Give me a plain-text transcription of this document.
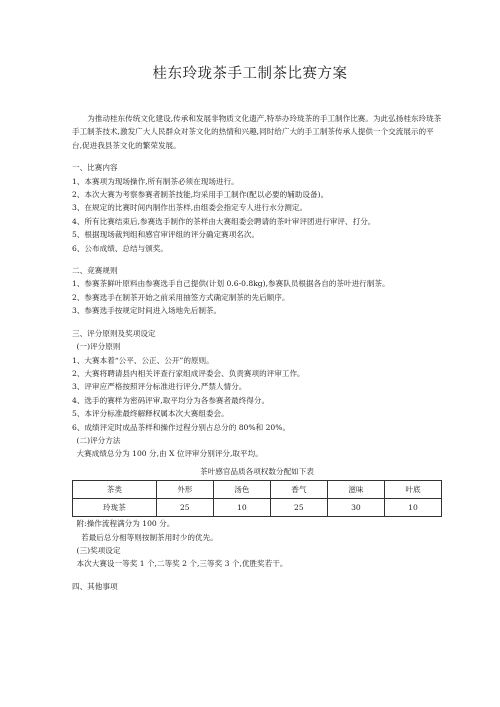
桂东玲珑茶手工制茶比赛方案

为推动桂东传统文化建设,传承和发展非物质文化遗产,特举办玲珑茶的手工制作比赛。为此弘扬桂东玲珑茶手工制茶技术,激发广大人民群众对茶文化的热情和兴趣,同时给广大的手工制茶传承人提供一个交流展示的平台,促进我县茶文化的繁荣发展。

一、比赛内容

1、本赛项为现场操作,所有制茶必须在现场进行。

2、本次大赛为考察参赛者制茶技能,均采用手工制作(配以必要的辅助设备)。

3、在规定的比赛时间内制作出茶样,由组委会指定专人进行水分测定。

4、所有比赛结束后,参赛选手制作的茶样由大赛组委会聘请的茶叶审评团进行审评、打分。

5、根据现场裁判组和感官审评组的评分确定赛项名次。

6、公布成绩、总结与颁奖。

二、竞赛规则

1、参赛茶鲜叶原料由参赛选手自己提供(计划 0.6-0.8kg),参赛队员根据各自的茶叶进行制茶。

2、参赛选手在制茶开始之前采用抽签方式确定制茶的先后顺序。

3、参赛选手按规定时间进入场地先后制茶。

三、评分原则及奖项设定

(一)评分原则

1、大赛本着“公平、公正、公开”的原则。

2、大赛将聘请县内相关评查行家组成评委会、负责赛项的评审工作。

3、评审应严格按照评分标准进行评分,严禁人情分。

4、选手的赛样为密码评审,取平均分为各参赛者最终得分。

5、本评分标准最终解释权属本次大赛组委会。

6、成绩评定时成品茶样和操作过程分别占总分的 80%和 20%。

(二)评分方法

大赛成绩总分为 100 分,由 X 位评审分别评分,取平均。

茶叶感官品质各项权数分配如下表
茶类	外形	汤色	香气	滋味	叶底
玲珑茶	25	10	25	30	10

附:操作流程满分为 100 分。

若最后总分相等则按制茶用时少的优先。

(三)奖项设定

本次大赛设一等奖 1 个,二等奖 2 个,三等奖 3 个,优胜奖若干。

四、其他事项
